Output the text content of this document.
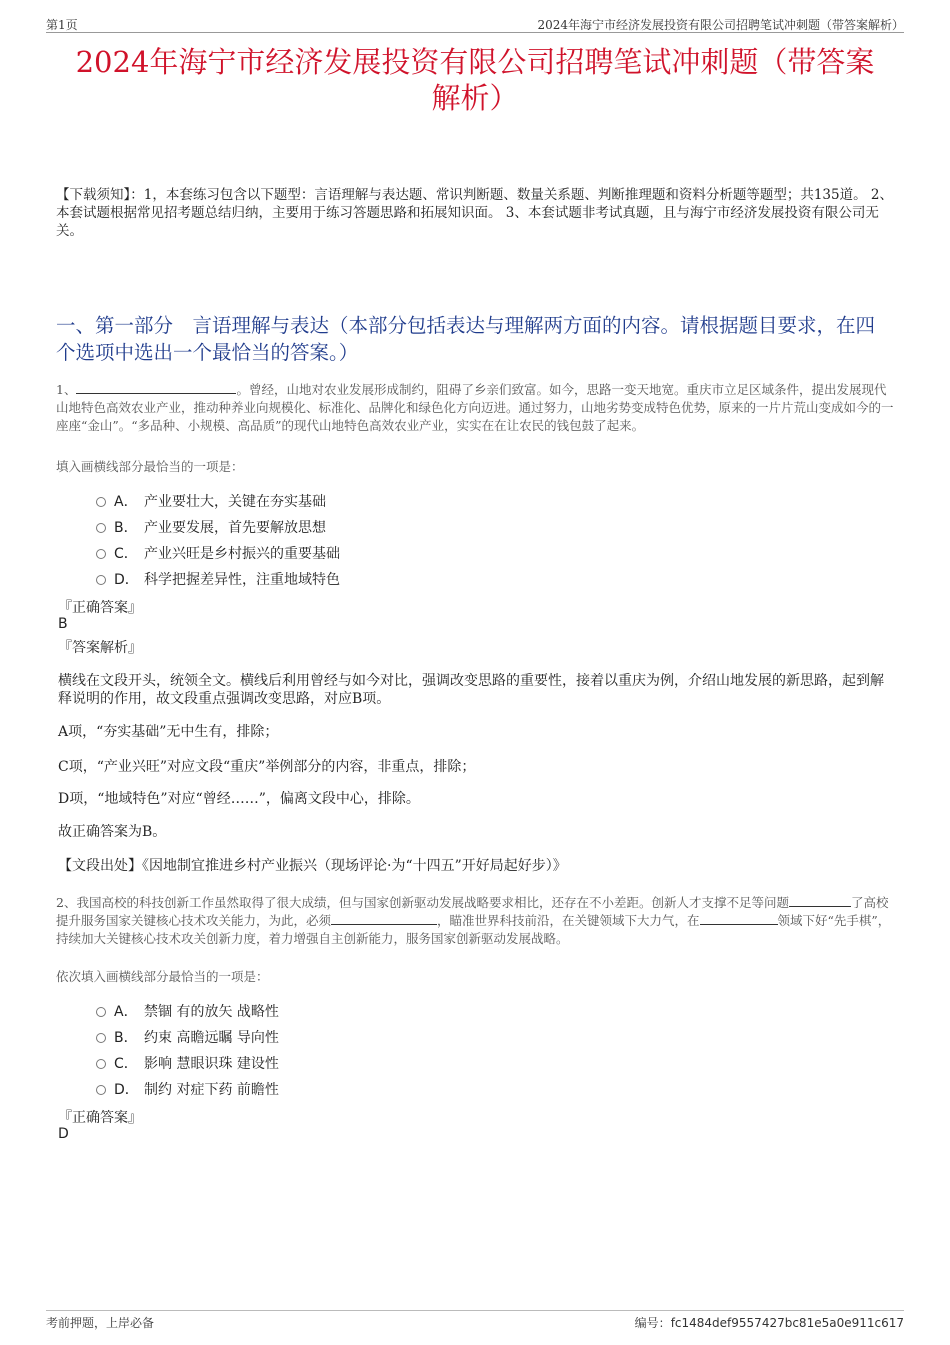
第1页	2024年海宁市经济发展投资有限公司招聘笔试冲刺题（带答案解析）
2024年海宁市经济发展投资有限公司招聘笔试冲刺题（带答案
解析）
【下载须知】：1，本套练习包含以下题型：言语理解与表达题、常识判断题、数量关系题、判断推理题和资料分析题等题型；共135道。 2、本套试题根据常见招考题总结归纳，主要用于练习答题思路和拓展知识面。 3、本套试题非考试真题，且与海宁市经济发展投资有限公司无关。
一、第一部分　言语理解与表达（本部分包括表达与理解两方面的内容。请根据题目要求，在四个选项中选出一个最恰当的答案。）
1、	。曾经，山地对农业发展形成制约，阻碍了乡亲们致富。如今，思路一变天地宽。重庆市立足区域条件，提出发展现代山地特色高效农业产业，推动种养业向规模化、标准化、品牌化和绿色化方向迈进。通过努力，山地劣势变成特色优势，原来的一片片荒山变成如今的一座座“金山”。“多品种、小规模、高品质”的现代山地特色高效农业产业，实实在在让农民的钱包鼓了起来。
填入画横线部分最恰当的一项是：
A． 产业要壮大，关键在夯实基础
B． 产业要发展，首先要解放思想
C． 产业兴旺是乡村振兴的重要基础
D． 科学把握差异性，注重地域特色
『正确答案』
B
『答案解析』
横线在文段开头，统领全文。横线后利用曾经与如今对比，强调改变思路的重要性，接着以重庆为例，介绍山地发展的新思路，起到解释说明的作用，故文段重点强调改变思路，对应B项。
A项，“夯实基础”无中生有，排除；
C项，“产业兴旺”对应文段“重庆”举例部分的内容，非重点，排除；
D项，“地域特色”对应“曾经……”，偏离文段中心，排除。
故正确答案为B。
【文段出处】《因地制宜推进乡村产业振兴（现场评论·为“十四五”开好局起好步）》
2、我国高校的科技创新工作虽然取得了很大成绩，但与国家创新驱动发展战略要求相比，还存在不小差距。创新人才支撑不足等问题	了高校提升服务国家关键核心技术攻关能力，为此，必须	，瞄准世界科技前沿，在关键领域下大力气，在	领域下好“先手棋”，持续加大关键核心技术攻关创新力度，着力增强自主创新能力，服务国家创新驱动发展战略。
依次填入画横线部分最恰当的一项是：
A． 禁锢 有的放矢 战略性
B． 约束 高瞻远瞩 导向性
C． 影响 慧眼识珠 建设性
D． 制约 对症下药 前瞻性
『正确答案』
D
考前押题，上岸必备	编号：fc1484def9557427bc81e5a0e911c617
